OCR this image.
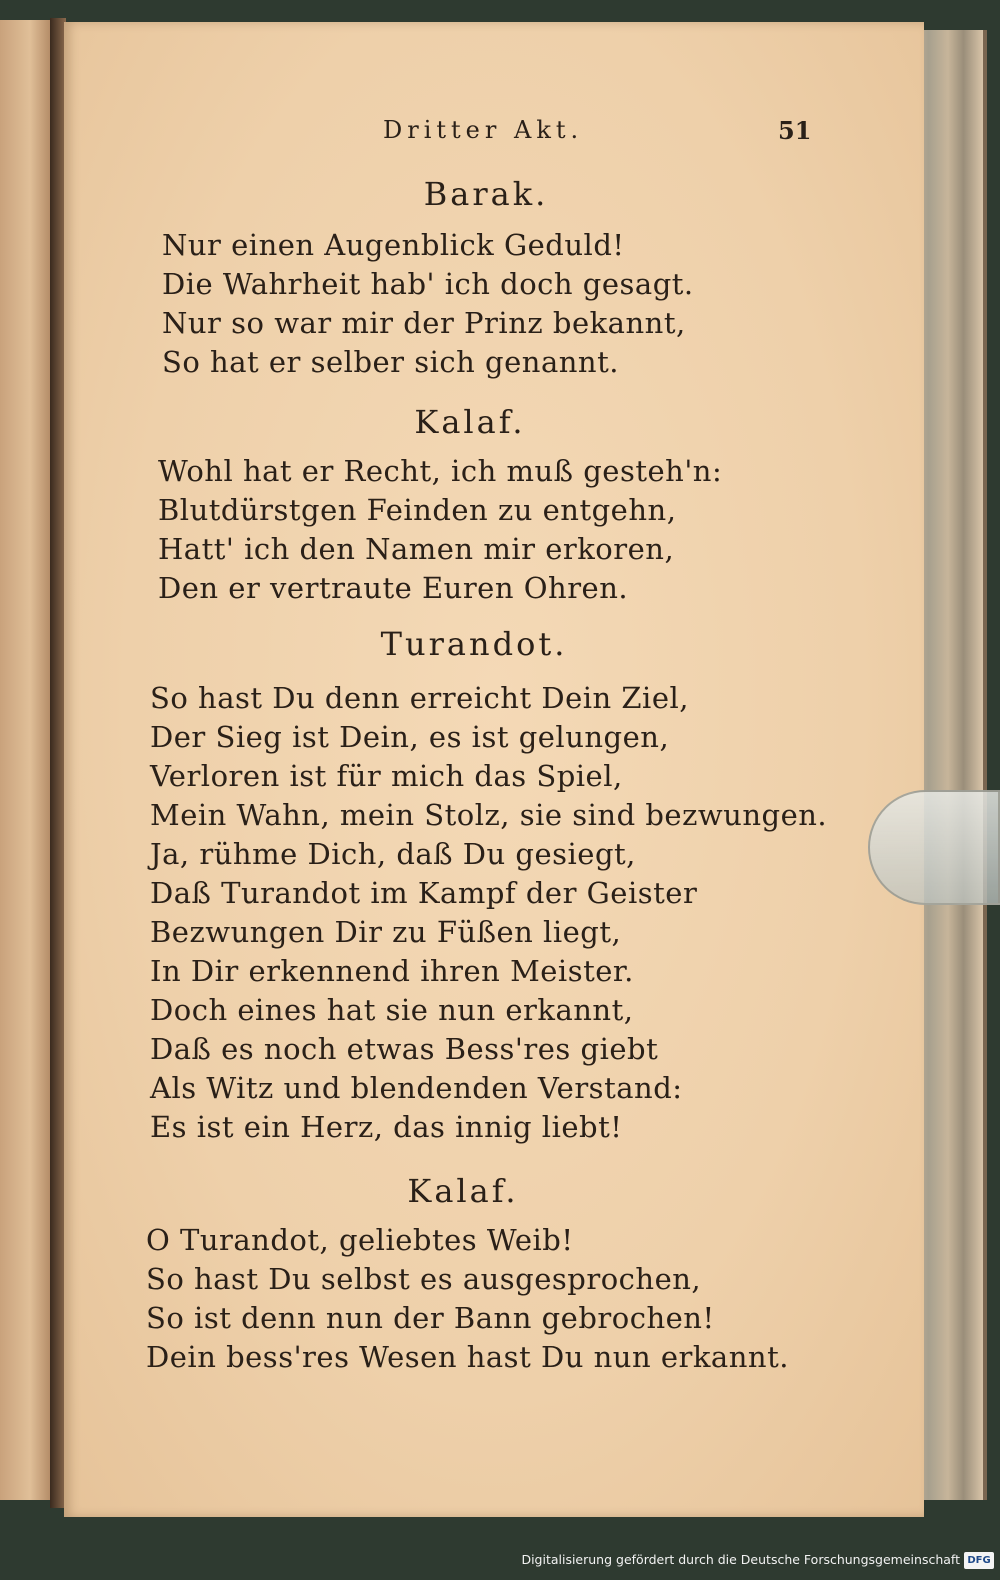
Dritter Akt.	51
Barak.
Nur einen Augenblick Geduld!
Die Wahrheit hab' ich doch gesagt.
Nur so war mir der Prinz bekannt,
So hat er selber sich genannt.
Kalaf.
Wohl hat er Recht, ich muß gesteh'n:
Blutdürstgen Feinden zu entgehn,
Hatt' ich den Namen mir erkoren,
Den er vertraute Euren Ohren.
Turandot.
So hast Du denn erreicht Dein Ziel,
Der Sieg ist Dein, es ist gelungen,
Verloren ist für mich das Spiel,
Mein Wahn, mein Stolz, sie sind bezwungen.
Ja, rühme Dich, daß Du gesiegt,
Daß Turandot im Kampf der Geister
Bezwungen Dir zu Füßen liegt,
In Dir erkennend ihren Meister.
Doch eines hat sie nun erkannt,
Daß es noch etwas Bess'res giebt
Als Witz und blendenden Verstand:
Es ist ein Herz, das innig liebt!
Kalaf.
O Turandot, geliebtes Weib!
So hast Du selbst es ausgesprochen,
So ist denn nun der Bann gebrochen!
Dein bess'res Wesen hast Du nun erkannt.
Digitalisierung gefördert durch die Deutsche Forschungsgemeinschaft DFG
